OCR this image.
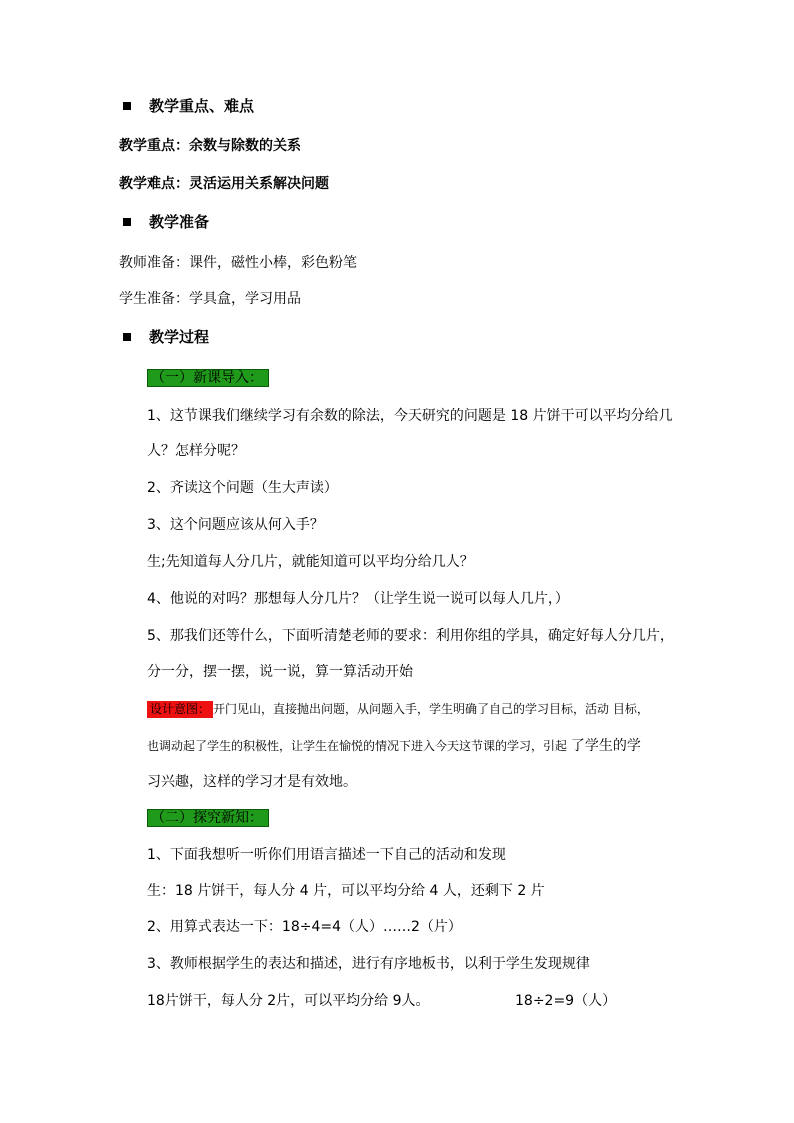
教学重点、难点
教学重点：余数与除数的关系
教学难点：灵活运用关系解决问题
教学准备
教师准备：课件，磁性小棒，彩色粉笔
学生准备：学具盒，学习用品
教学过程
（一）新课导入：
1、这节课我们继续学习有余数的除法，今天研究的问题是 18 片饼干可以平均分给几
人？怎样分呢？
2、齐读这个问题（生大声读）
3、这个问题应该从何入手？
生;先知道每人分几片，就能知道可以平均分给几人？
4、他说的对吗？那想每人分几片？（让学生说一说可以每人几片，）
5、那我们还等什么，下面听清楚老师的要求：利用你组的学具，确定好每人分几片，
分一分，摆一摆，说一说，算一算活动开始
设计意图： 开门见山，直接抛出问题，从问题入手，学生明确了自己的学习目标，活动 目标，
也调动起了学生的积极性，让学生在愉悦的情况下进入今天这节课的学习，引起 了学生的学
习兴趣，这样的学习才是有效地。
（二）探究新知：
1、下面我想听一听你们用语言描述一下自己的活动和发现
生：18 片饼干，每人分 4 片，可以平均分给 4 人，还剩下 2 片
2、用算式表达一下：18÷4=4（人）……2（片）
3、教师根据学生的表达和描述，进行有序地板书，以利于学生发现规律
18片饼干，每人分 2片，可以平均分给 9人。	18÷2=9（人）
